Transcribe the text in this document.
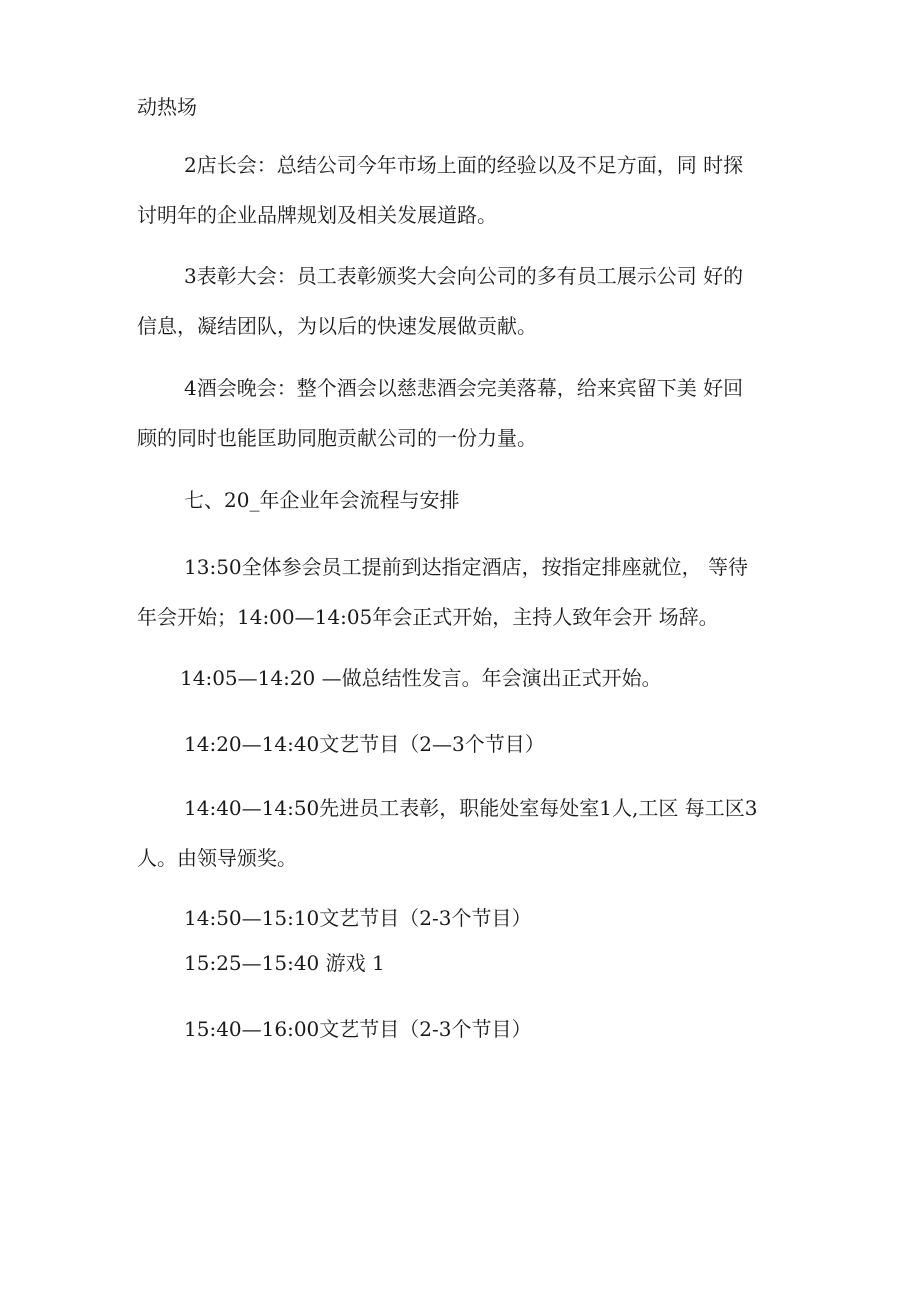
动热场
2店长会：总结公司今年市场上面的经验以及不足方面，同 时探
讨明年的企业品牌规划及相关发展道路。
3表彰大会：员工表彰颁奖大会向公司的多有员工展示公司 好的
信息，凝结团队，为以后的快速发展做贡献。
4酒会晚会：整个酒会以慈悲酒会完美落幕，给来宾留下美 好回
顾的同时也能匡助同胞贡献公司的一份力量。
七、20_年企业年会流程与安排
13:50全体参会员工提前到达指定酒店，按指定排座就位， 等待
年会开始；14:00—14:05年会正式开始，主持人致年会开 场辞。
14:05—14:20 —做总结性发言。年会演出正式开始。
14:20—14:40文艺节目（2—3个节目）
14:40—14:50先进员工表彰，职能处室每处室1人,工区 每工区3
人。由领导颁奖。
14:50—15:10文艺节目（2-3个节目）
15:25—15:40 游戏 1
15:40—16:00文艺节目（2-3个节目）
